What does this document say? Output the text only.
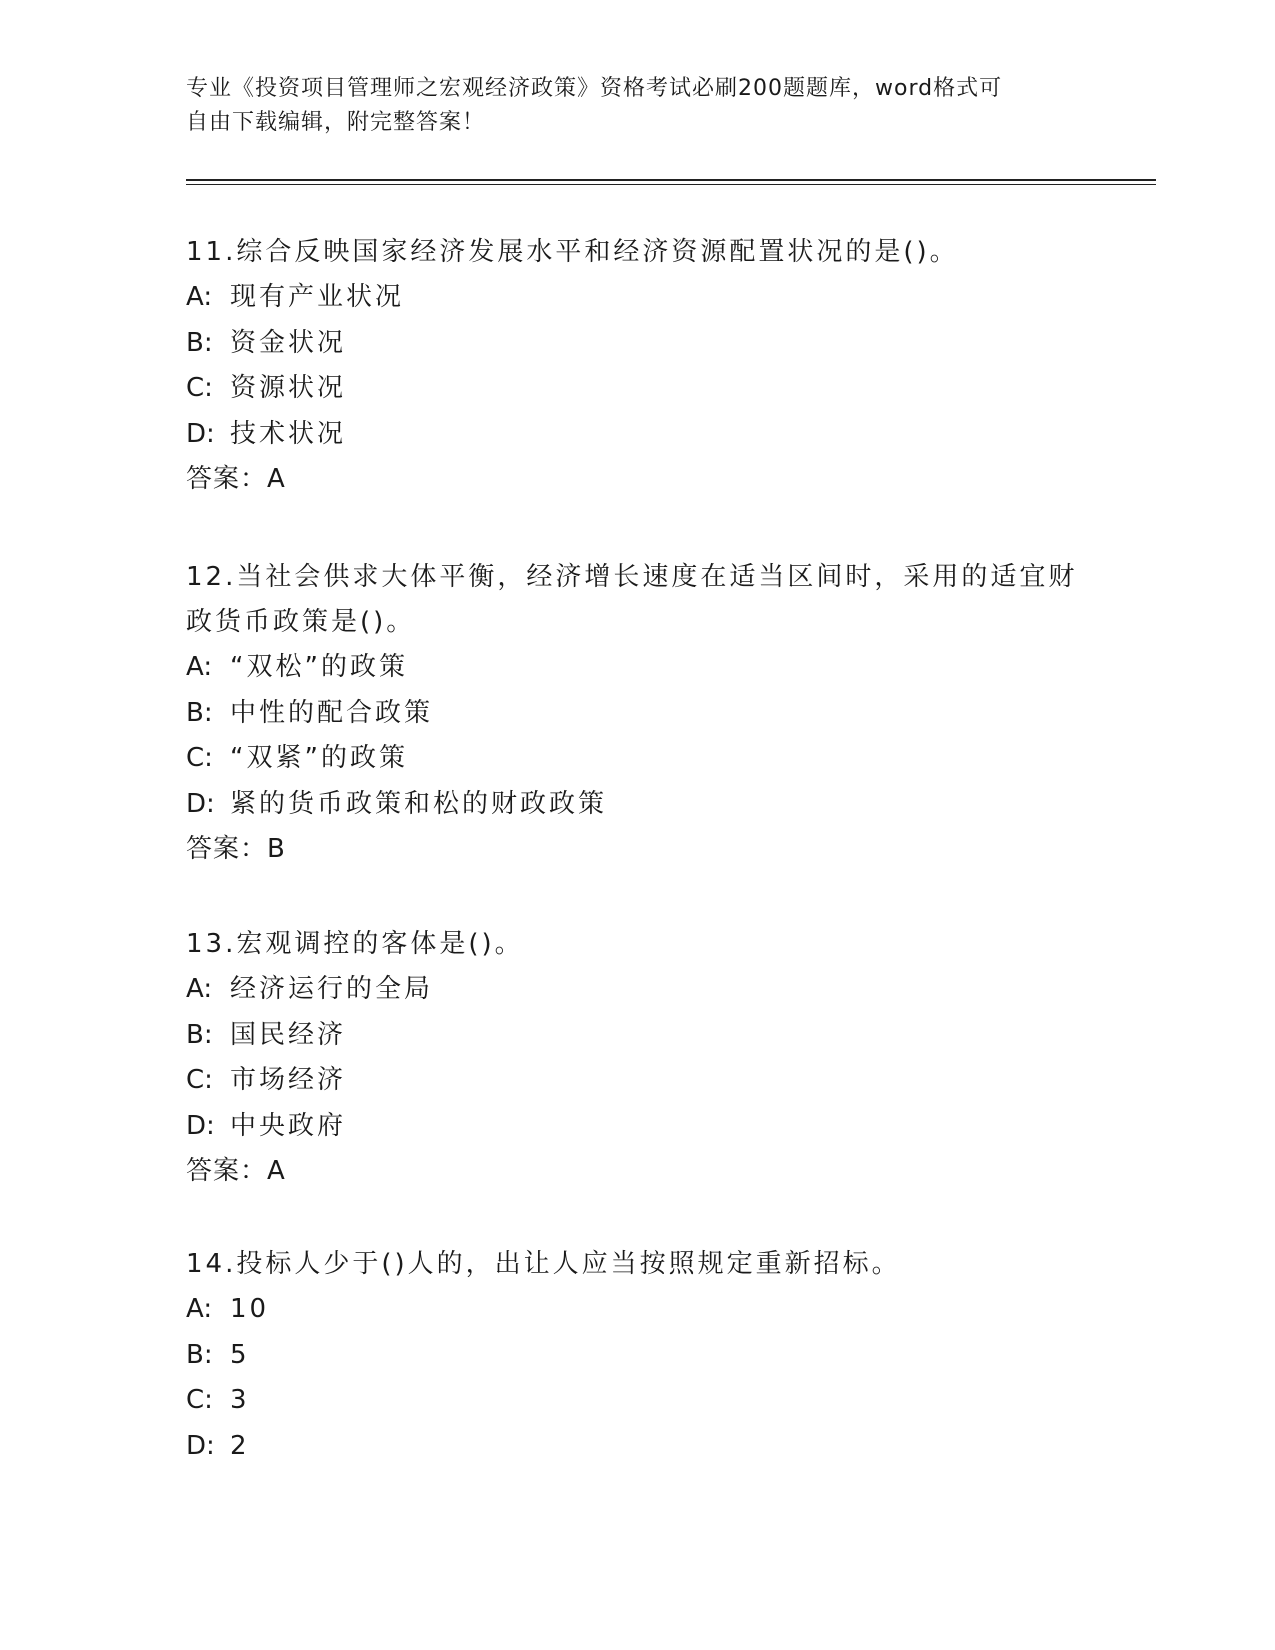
专业《投资项目管理师之宏观经济政策》资格考试必刷200题题库，word格式可
自由下载编辑，附完整答案！
11.综合反映国家经济发展水平和经济资源配置状况的是()。
A: 现有产业状况
B: 资金状况
C: 资源状况
D: 技术状况
答案：A
12.当社会供求大体平衡，经济增长速度在适当区间时，采用的适宜财
政货币政策是()。
A: “双松”的政策
B: 中性的配合政策
C: “双紧”的政策
D: 紧的货币政策和松的财政政策
答案：B
13.宏观调控的客体是()。
A: 经济运行的全局
B: 国民经济
C: 市场经济
D: 中央政府
答案：A
14.投标人少于()人的，出让人应当按照规定重新招标。
A: 10
B: 5
C: 3
D: 2
